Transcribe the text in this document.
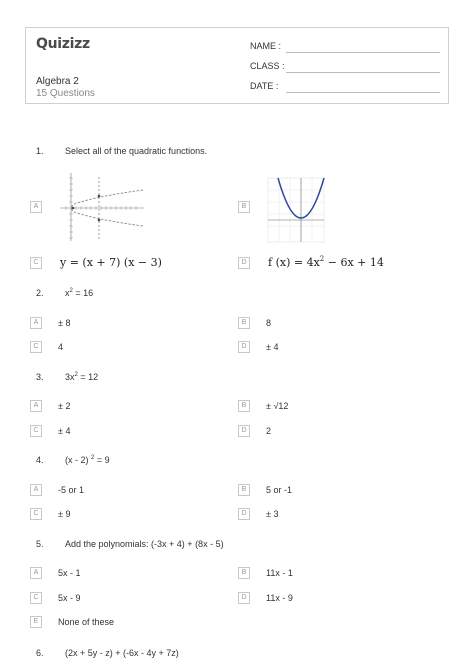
Quizizz
Algebra 2
15 Questions
NAME :
CLASS :
DATE :
1. Select all of the quadratic functions.
A	B
C	y = (x + 7) (x − 3)	D	f $(x) = 4x^2 - 6x + 14$
2. $x^2 = 16$
A	± 8	B	8
C	4	D	± 4
3. $3x^2 = 12$
A	± 2	B	± √12
C	± 4	D	2
4. (x - 2) $^2$ = 9
A	-5 or 1	B	5 or -1
C	± 9	D	± 3
5. Add the polynomials: (-3x + 4) + (8x - 5)
A	5x - 1	B	11x - 1
C	5x - 9	D	11x - 9
E	None of these
6. (2x + 5y - z) + (-6x - 4y + 7z)
